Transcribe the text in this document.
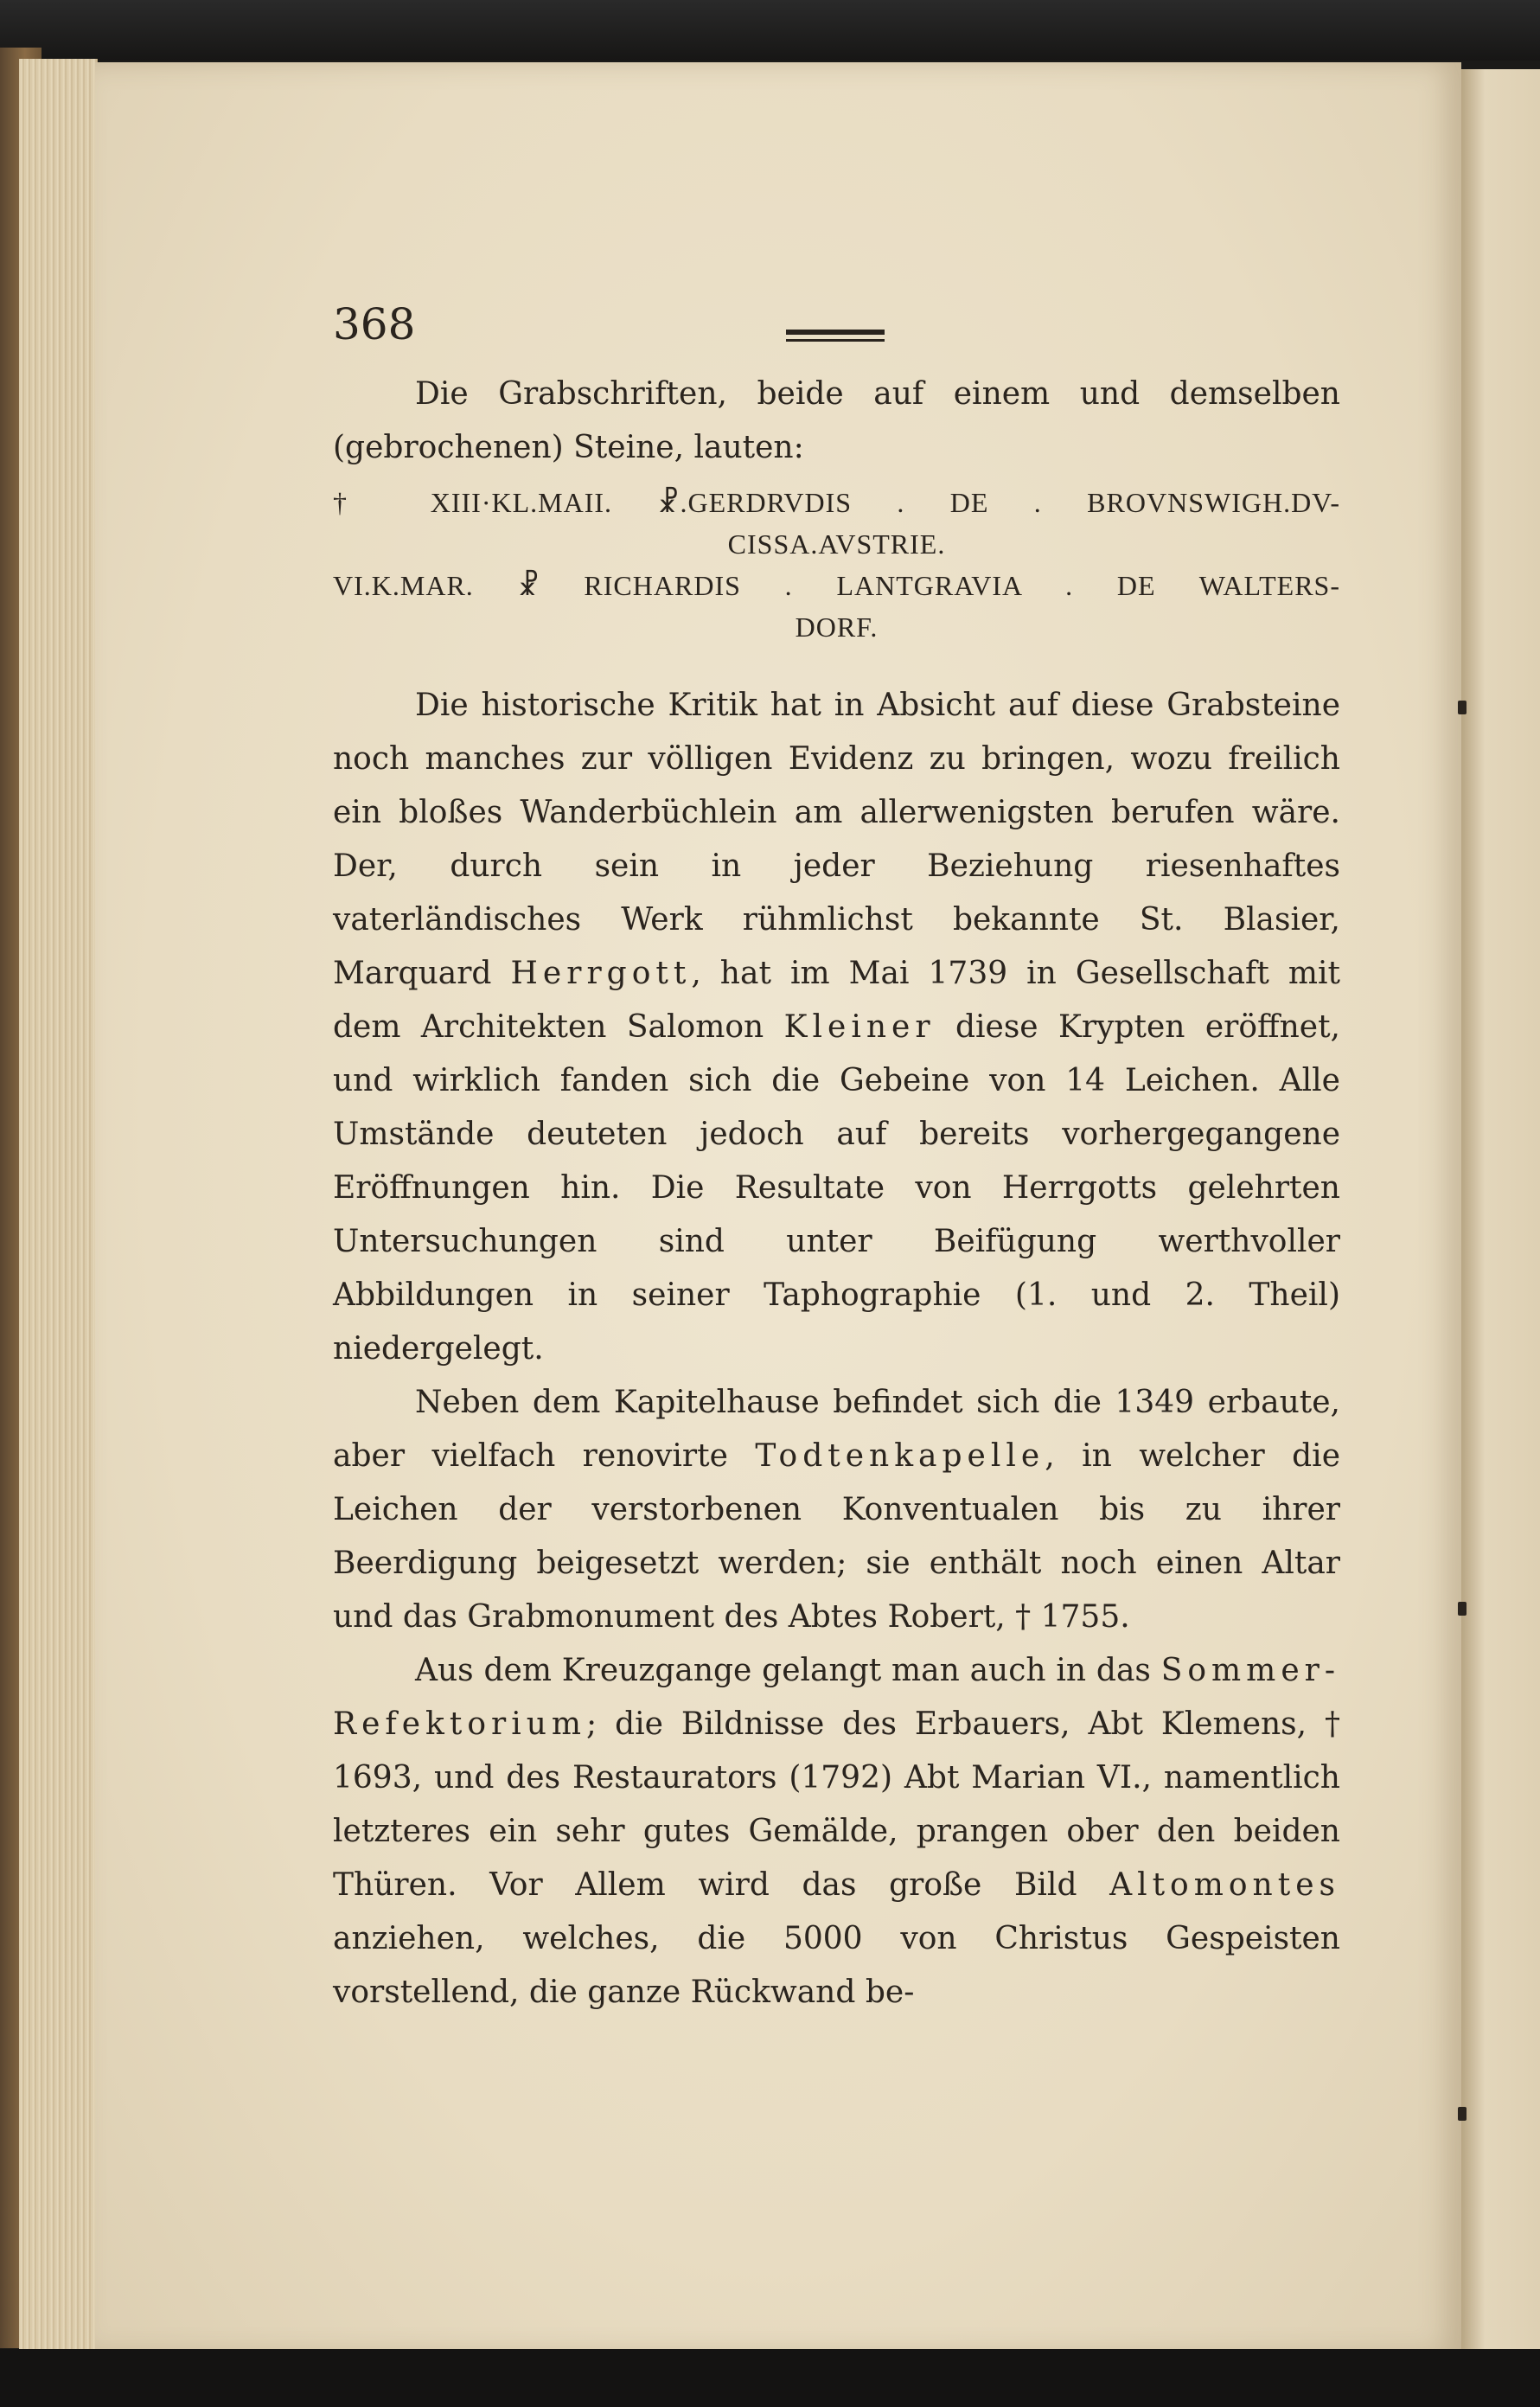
368

Die Grabschriften, beide auf einem und demselben (gebrochenen) Steine, lauten:

† XIII·KL.MAII. ☧.GERDRVDIS . DE . BROVNSWIGH.DV-
CISSA.AVSTRIE.
VI.K.MAR. ☧ RICHARDIS . LANTGRAVIA . DE WALTERS-
DORF.

Die historische Kritik hat in Absicht auf diese Grabsteine noch manches zur völligen Evidenz zu bringen, wozu freilich ein bloßes Wanderbüchlein am allerwenigsten berufen wäre. Der, durch sein in jeder Beziehung riesenhaftes vaterländisches Werk rühmlichst bekannte St. Blasier, Marquard Herrgott, hat im Mai 1739 in Gesellschaft mit dem Architekten Salomon Kleiner diese Krypten eröffnet, und wirklich fanden sich die Gebeine von 14 Leichen. Alle Umstände deuteten jedoch auf bereits vorhergegangene Eröffnungen hin. Die Resultate von Herrgotts gelehrten Untersuchungen sind unter Beifügung werthvoller Abbildungen in seiner Taphographie (1. und 2. Theil) niedergelegt.

Neben dem Kapitelhause befindet sich die 1349 erbaute, aber vielfach renovirte Todtenkapelle, in welcher die Leichen der verstorbenen Konventualen bis zu ihrer Beerdigung beigesetzt werden; sie enthält noch einen Altar und das Grabmonument des Abtes Robert, † 1755.

Aus dem Kreuzgange gelangt man auch in das Sommer-Refektorium; die Bildnisse des Erbauers, Abt Klemens, † 1693, und des Restaurators (1792) Abt Marian VI., namentlich letzteres ein sehr gutes Gemälde, prangen ober den beiden Thüren. Vor Allem wird das große Bild Altomontes anziehen, welches, die 5000 von Christus Gespeisten vorstellend, die ganze Rückwand be-
